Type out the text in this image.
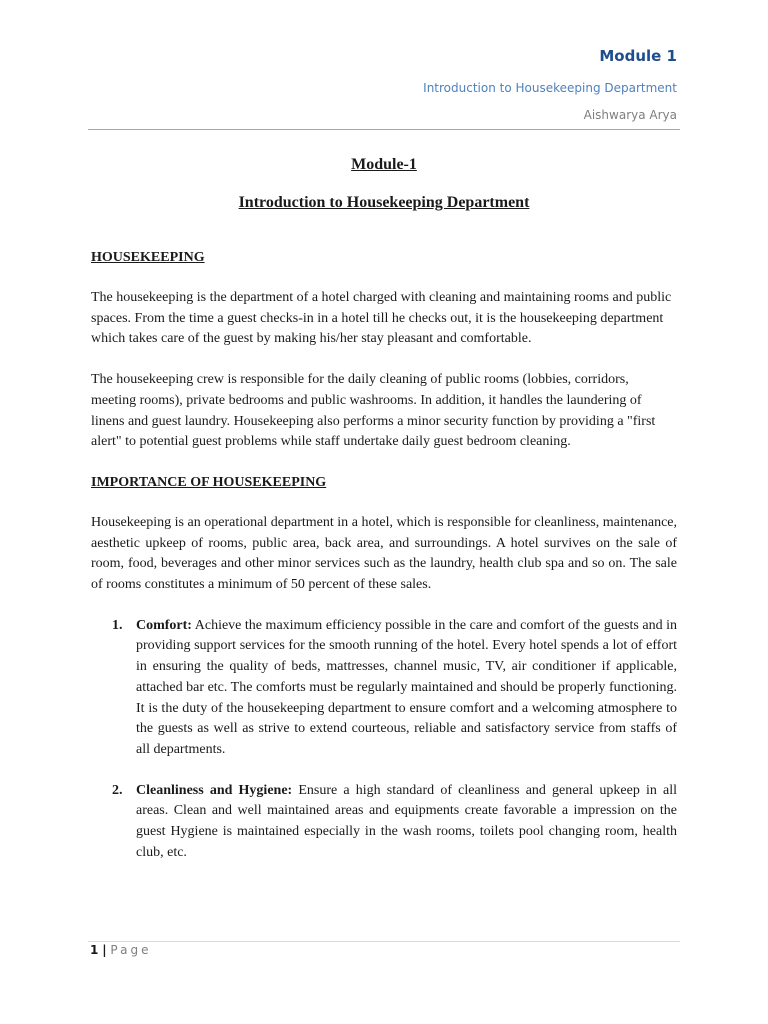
Module 1
Introduction to Housekeeping Department
Aishwarya Arya
Module-1
Introduction to Housekeeping Department
HOUSEKEEPING

The housekeeping is the department of a hotel charged with cleaning and maintaining rooms and public spaces. From the time a guest checks-in in a hotel till he checks out, it is the housekeeping department which takes care of the guest by making his/her stay pleasant and comfortable.

The housekeeping crew is responsible for the daily cleaning of public rooms (lobbies, corridors, meeting rooms), private bedrooms and public washrooms. In addition, it handles the laundering of linens and guest laundry. Housekeeping also performs a minor security function by providing a "first alert" to potential guest problems while staff undertake daily guest bedroom cleaning.

IMPORTANCE OF HOUSEKEEPING

Housekeeping is an operational department in a hotel, which is responsible for cleanliness, maintenance, aesthetic upkeep of rooms, public area, back area, and surroundings. A hotel survives on the sale of room, food, beverages and other minor services such as the laundry, health club spa and so on. The sale of rooms constitutes a minimum of 50 percent of these sales.

1. Comfort: Achieve the maximum efficiency possible in the care and comfort of the guests and in providing support services for the smooth running of the hotel. Every hotel spends a lot of effort in ensuring the quality of beds, mattresses, channel music, TV, air conditioner if applicable, attached bar etc. The comforts must be regularly maintained and should be properly functioning. It is the duty of the housekeeping department to ensure comfort and a welcoming atmosphere to the guests as well as strive to extend courteous, reliable and satisfactory service from staffs of all departments.
2. Cleanliness and Hygiene: Ensure a high standard of cleanliness and general upkeep in all areas. Clean and well maintained areas and equipments create favorable a impression on the guest Hygiene is maintained especially in the wash rooms, toilets pool changing room, health club, etc.
1 | Page
